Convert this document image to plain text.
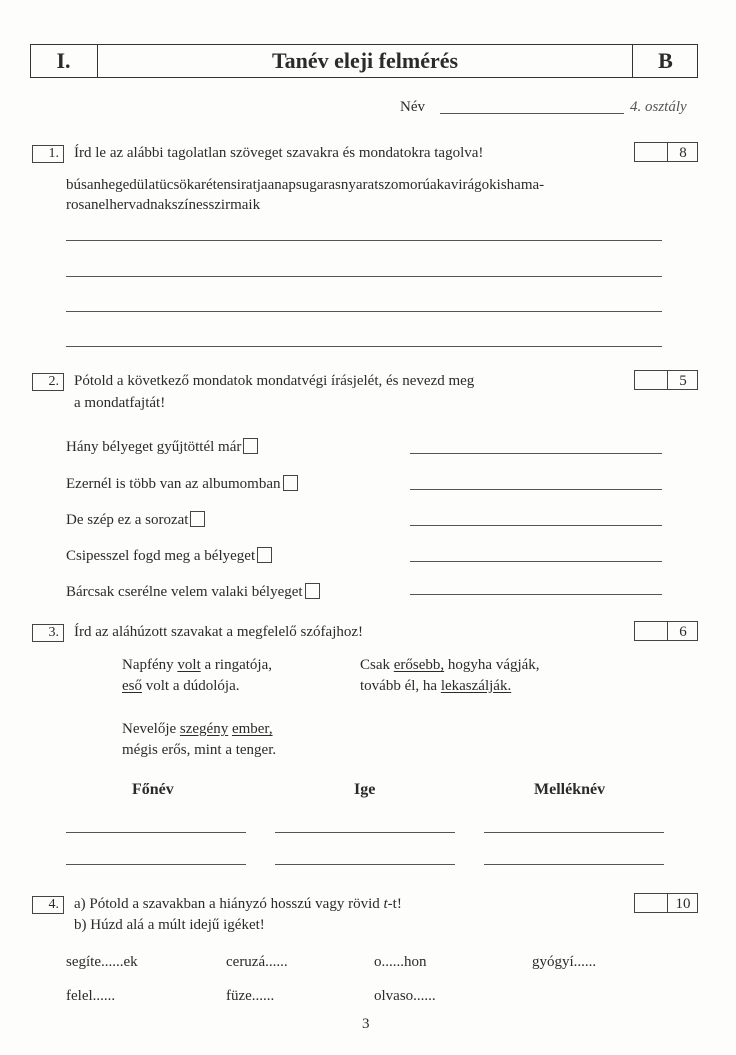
I.	Tanév eleji felmérés	B
Név	4. osztály
1.	Írd le az alábbi tagolatlan szöveget szavakra és mondatokra tagolva!	8
búsanhegedülatücsökarétensiratjaanapsugarasnyaratszomorúakavirágokishama-
rosanelhervadnakszínesszirmaik
2.	Pótold a következő mondatok mondatvégi írásjelét, és nevezd meg
a mondatfajtát!
5
Hány bélyeget gyűjtöttél már
Ezernél is több van az albumomban
De szép ez a sorozat
Csipesszel fogd meg a bélyeget
Bárcsak cserélne velem valaki bélyeget
3.	Írd az aláhúzott szavakat a megfelelő szófajhoz!	6
Napfény volt a ringatója,
eső volt a dúdolója.
Csak erősebb, hogyha vágják,
tovább él, ha lekaszálják.
Nevelője szegény ember,
mégis erős, mint a tenger.
Főnév	Ige	Melléknév
4.	a) Pótold a szavakban a hiányzó hosszú vagy rövid t-t!
b) Húzd alá a múlt idejű igéket!
10
segíte......ek	ceruzá......	o......hon	gyógyí......
felel......	füze......	olvaso......
3
